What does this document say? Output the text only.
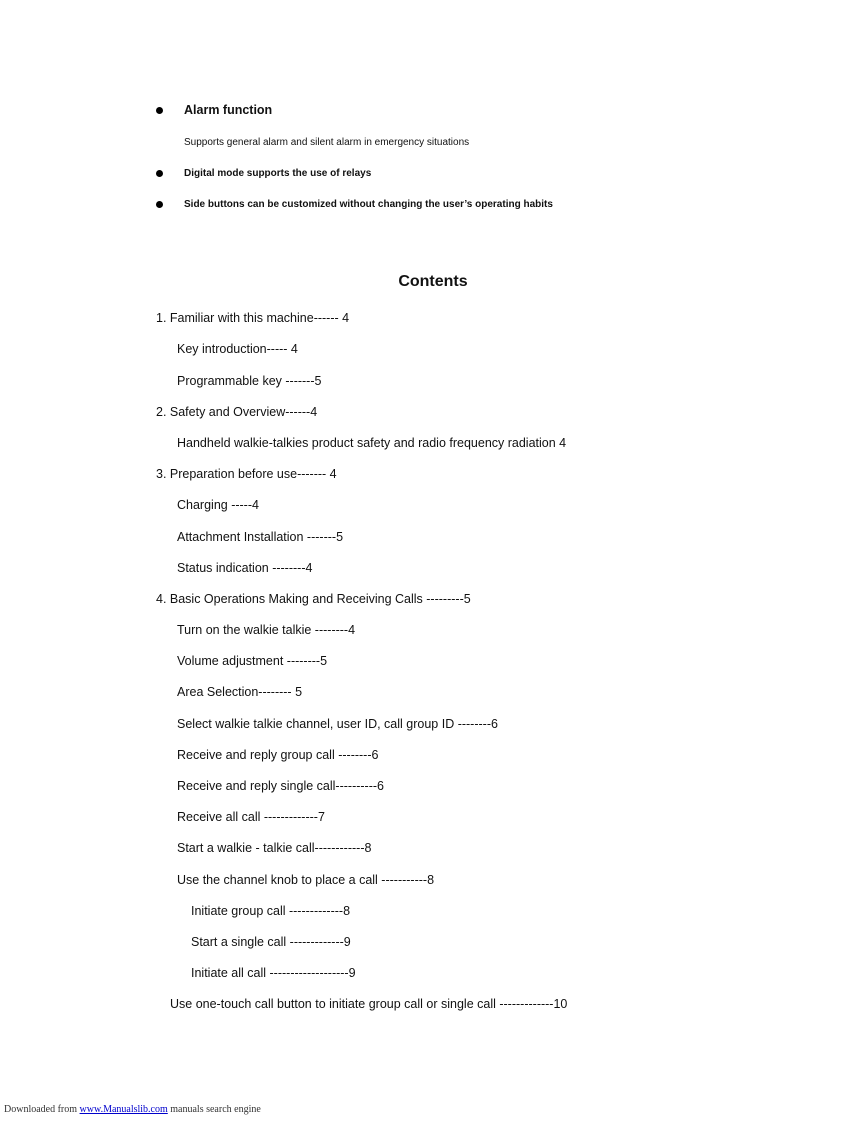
Alarm function
Supports general alarm and silent alarm in emergency situations
Digital mode supports the use of relays
Side buttons can be customized without changing the user’s operating habits
Contents
1. Familiar with this machine------ 4
Key introduction----- 4
Programmable key -------5
2. Safety and Overview------4
Handheld walkie-talkies product safety and radio frequency radiation 4
3. Preparation before use------- 4
Charging -----4
Attachment Installation -------5
Status indication --------4
4. Basic Operations Making and Receiving Calls ---------5
Turn on the walkie talkie --------4
Volume adjustment --------5
Area Selection-------- 5
Select walkie talkie channel, user ID, call group ID --------6
Receive and reply group call --------6
Receive and reply single call----------6
Receive all call -------------7
Start a walkie - talkie call------------8
Use the channel knob to place a call -----------8
Initiate group call -------------8
Start a single call -------------9
Initiate all call -------------------9
Use one-touch call button to initiate group call or single call -------------10
Downloaded from www.Manualslib.com manuals search engine
